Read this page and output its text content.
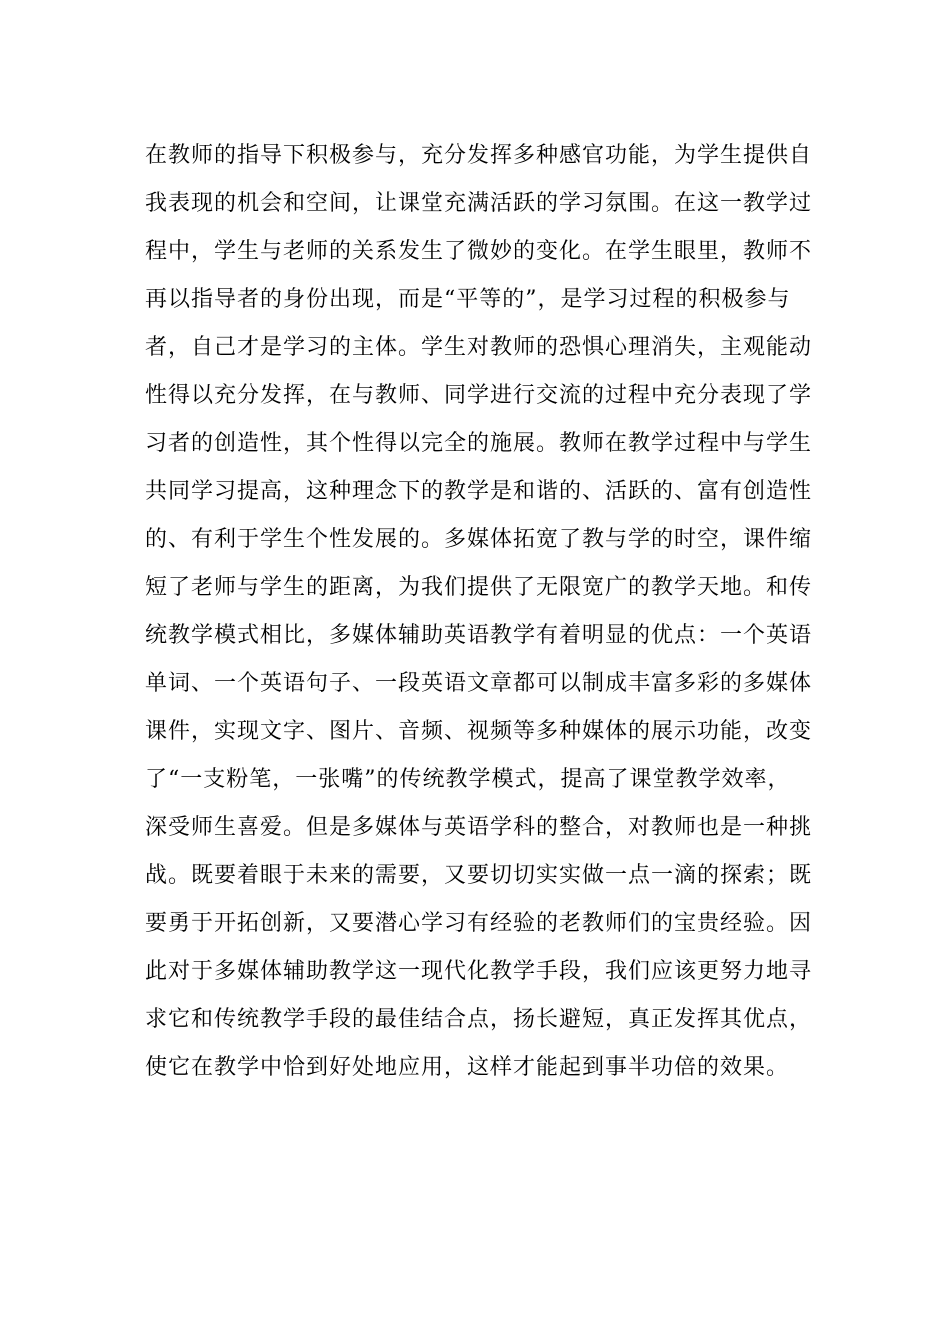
在教师的指导下积极参与，充分发挥多种感官功能，为学生提供自
我表现的机会和空间，让课堂充满活跃的学习氛围。在这一教学过
程中，学生与老师的关系发生了微妙的变化。在学生眼里，教师不
再以指导者的身份出现，而是“平等的”，是学习过程的积极参与
者，自己才是学习的主体。学生对教师的恐惧心理消失，主观能动
性得以充分发挥，在与教师、同学进行交流的过程中充分表现了学
习者的创造性，其个性得以完全的施展。教师在教学过程中与学生
共同学习提高，这种理念下的教学是和谐的、活跃的、富有创造性
的、有利于学生个性发展的。多媒体拓宽了教与学的时空，课件缩
短了老师与学生的距离，为我们提供了无限宽广的教学天地。和传
统教学模式相比，多媒体辅助英语教学有着明显的优点：一个英语
单词、一个英语句子、一段英语文章都可以制成丰富多彩的多媒体
课件，实现文字、图片、音频、视频等多种媒体的展示功能，改变
了“一支粉笔，一张嘴”的传统教学模式，提高了课堂教学效率，
深受师生喜爱。但是多媒体与英语学科的整合，对教师也是一种挑
战。既要着眼于未来的需要，又要切切实实做一点一滴的探索；既
要勇于开拓创新，又要潜心学习有经验的老教师们的宝贵经验。因
此对于多媒体辅助教学这一现代化教学手段，我们应该更努力地寻
求它和传统教学手段的最佳结合点，扬长避短，真正发挥其优点，
使它在教学中恰到好处地应用，这样才能起到事半功倍的效果。
